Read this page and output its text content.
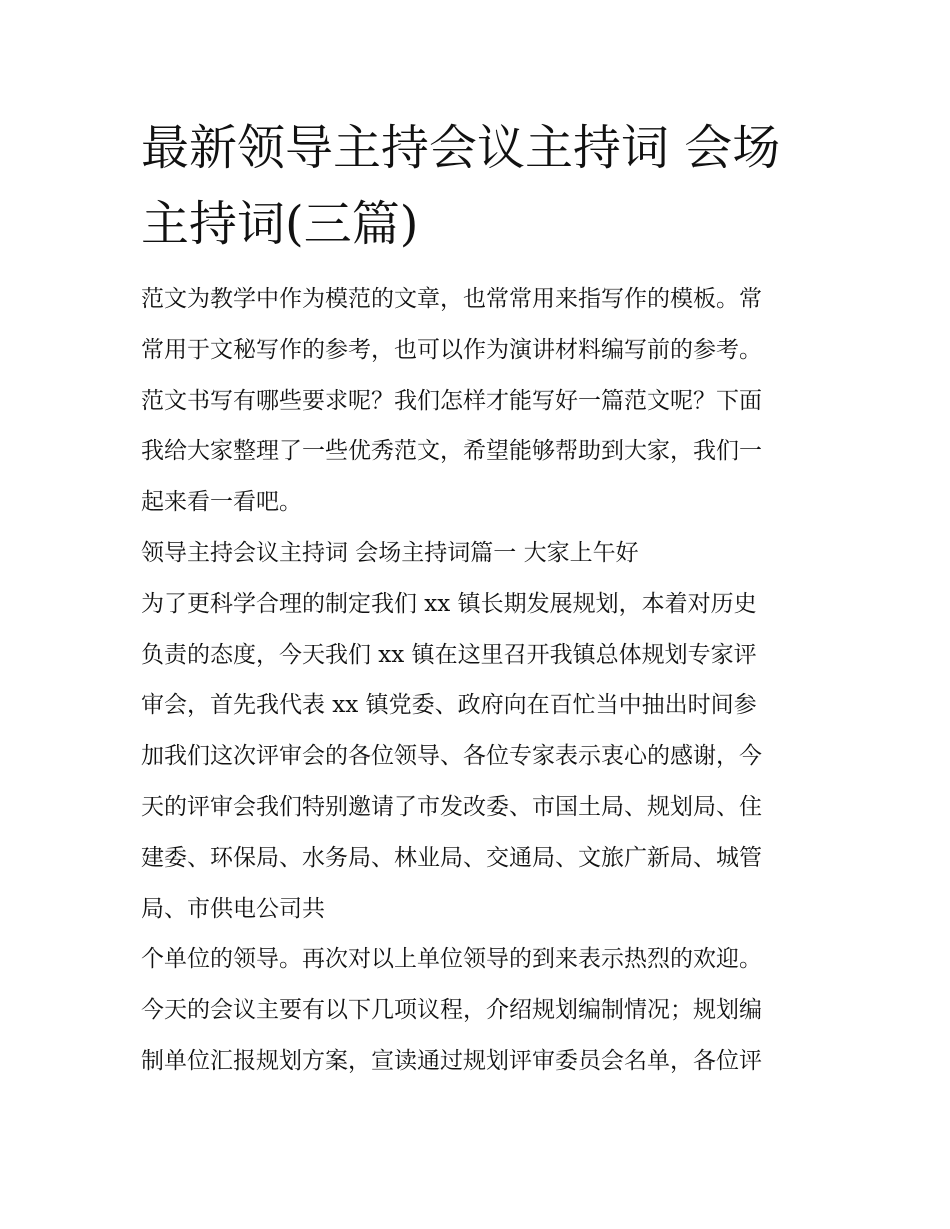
最新领导主持会议主持词 会场
主持词(三篇)
范文为教学中作为模范的文章，也常常用来指写作的模板。常
常用于文秘写作的参考，也可以作为演讲材料编写前的参考。
范文书写有哪些要求呢？我们怎样才能写好一篇范文呢？下面
我给大家整理了一些优秀范文，希望能够帮助到大家，我们一
起来看一看吧。
领导主持会议主持词 会场主持词篇一 大家上午好
为了更科学合理的制定我们 xx 镇长期发展规划，本着对历史
负责的态度，今天我们 xx 镇在这里召开我镇总体规划专家评
审会，首先我代表 xx 镇党委、政府向在百忙当中抽出时间参
加我们这次评审会的各位领导、各位专家表示衷心的感谢，今
天的评审会我们特别邀请了市发改委、市国土局、规划局、住
建委、环保局、水务局、林业局、交通局、文旅广新局、城管
局、市供电公司共
个单位的领导。再次对以上单位领导的到来表示热烈的欢迎。
今天的会议主要有以下几项议程，介绍规划编制情况；规划编
制单位汇报规划方案，宣读通过规划评审委员会名单，各位评
